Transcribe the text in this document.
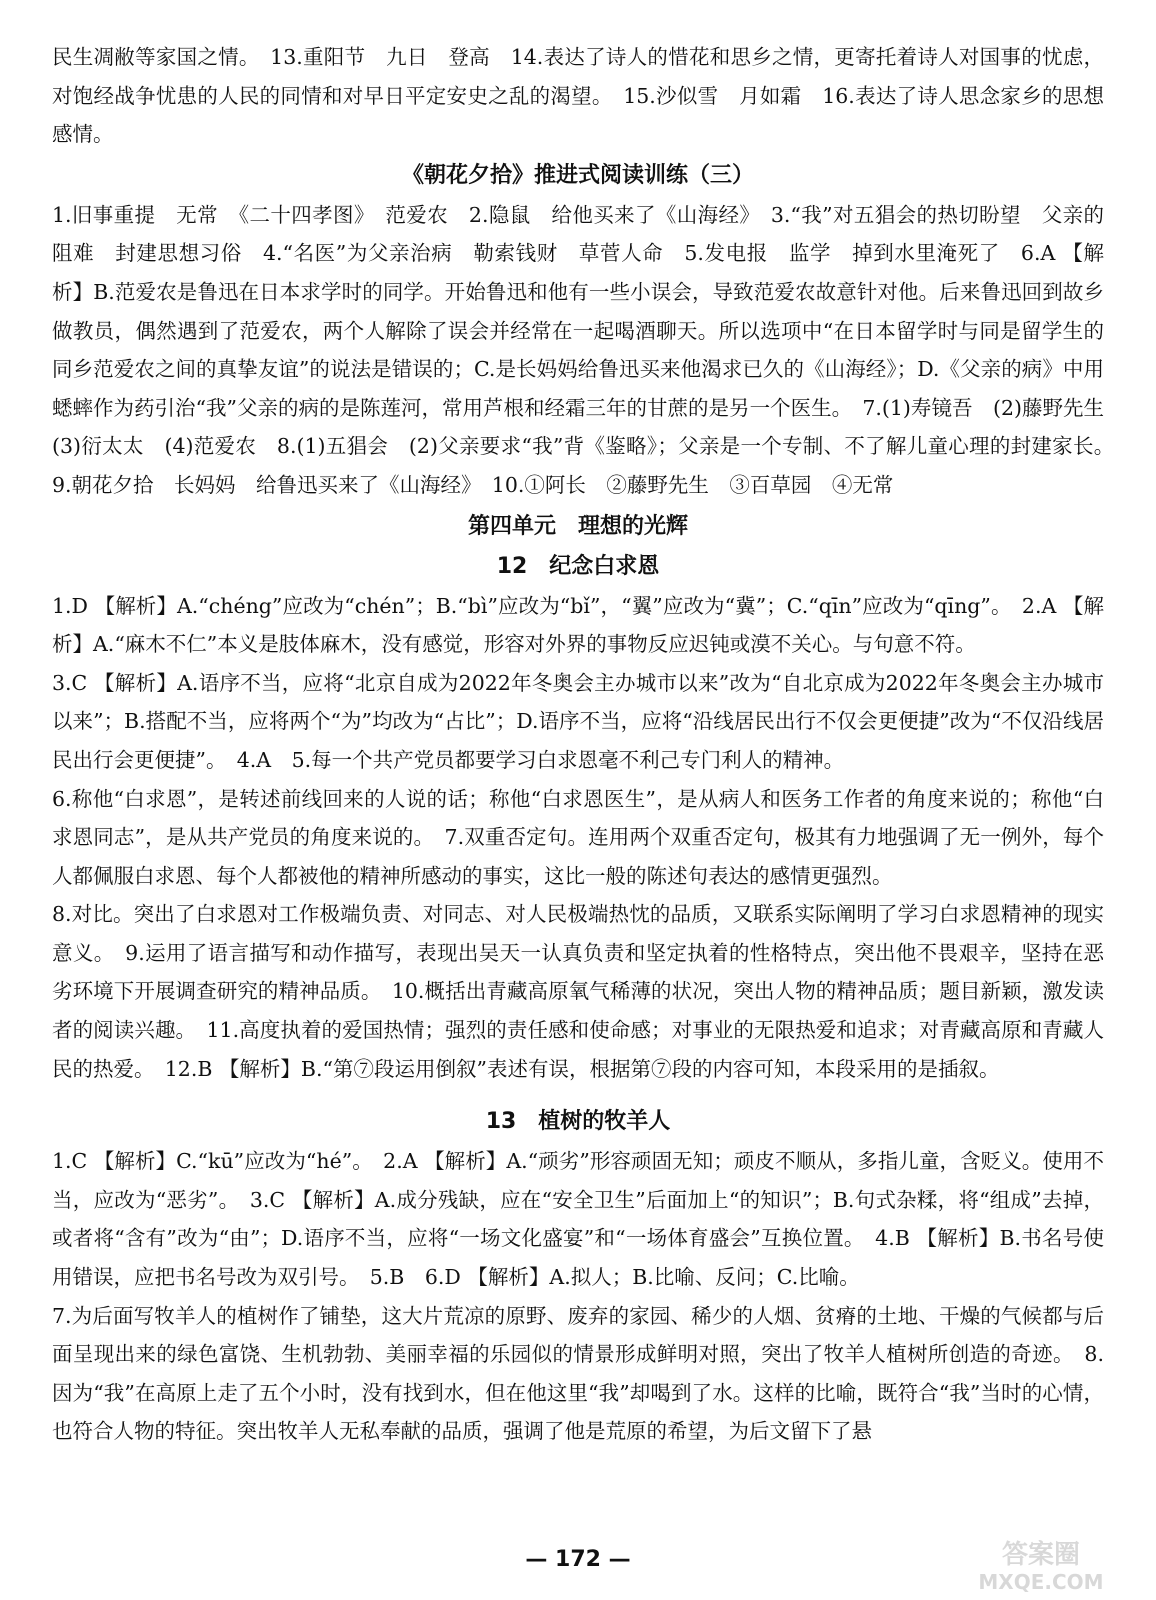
民生凋敝等家国之情。　13.重阳节　九日　登高　14.表达了诗人的惜花和思乡之情，更寄托着诗人对国事的忧虑，对饱经战争忧患的人民的同情和对早日平定安史之乱的渴望。　15.沙似雪　月如霜　16.表达了诗人思念家乡的思想感情。

《朝花夕拾》推进式阅读训练（三）

1.旧事重提　无常　《二十四孝图》　范爱农　2.隐鼠　给他买来了《山海经》　3.“我”对五猖会的热切盼望　父亲的阻难　封建思想习俗　4.“名医”为父亲治病　勒索钱财　草菅人命　5.发电报　监学　掉到水里淹死了　6.A 【解析】B.范爱农是鲁迅在日本求学时的同学。开始鲁迅和他有一些小误会，导致范爱农故意针对他。后来鲁迅回到故乡做教员，偶然遇到了范爱农，两个人解除了误会并经常在一起喝酒聊天。所以选项中“在日本留学时与同是留学生的同乡范爱农之间的真挚友谊”的说法是错误的；C.是长妈妈给鲁迅买来他渴求已久的《山海经》；D.《父亲的病》中用蟋蟀作为药引治“我”父亲的病的是陈莲河，常用芦根和经霜三年的甘蔗的是另一个医生。　7.(1)寿镜吾　(2)藤野先生　(3)衍太太　(4)范爱农　8.(1)五猖会　(2)父亲要求“我”背《鉴略》；父亲是一个专制、不了解儿童心理的封建家长。　9.朝花夕拾　长妈妈　给鲁迅买来了《山海经》　10.①阿长　②藤野先生　③百草园　④无常

第四单元　理想的光辉

12　纪念白求恩

1.D 【解析】A.“chéng”应改为“chén”；B.“bì”应改为“bǐ”，“翼”应改为“冀”；C.“qīn”应改为“qīng”。　2.A 【解析】A.“麻木不仁”本义是肢体麻木，没有感觉，形容对外界的事物反应迟钝或漠不关心。与句意不符。

3.C 【解析】A.语序不当，应将“北京自成为2022年冬奥会主办城市以来”改为“自北京成为2022年冬奥会主办城市以来”；B.搭配不当，应将两个“为”均改为“占比”；D.语序不当，应将“沿线居民出行不仅会更便捷”改为“不仅沿线居民出行会更便捷”。　4.A　5.每一个共产党员都要学习白求恩毫不利己专门利人的精神。

6.称他“白求恩”，是转述前线回来的人说的话；称他“白求恩医生”，是从病人和医务工作者的角度来说的；称他“白求恩同志”，是从共产党员的角度来说的。　7.双重否定句。连用两个双重否定句，极其有力地强调了无一例外，每个人都佩服白求恩、每个人都被他的精神所感动的事实，这比一般的陈述句表达的感情更强烈。

8.对比。突出了白求恩对工作极端负责、对同志、对人民极端热忱的品质，又联系实际阐明了学习白求恩精神的现实意义。　9.运用了语言描写和动作描写，表现出吴天一认真负责和坚定执着的性格特点，突出他不畏艰辛，坚持在恶劣环境下开展调查研究的精神品质。　10.概括出青藏高原氧气稀薄的状况，突出人物的精神品质；题目新颖，激发读者的阅读兴趣。　11.高度执着的爱国热情；强烈的责任感和使命感；对事业的无限热爱和追求；对青藏高原和青藏人民的热爱。　12.B 【解析】B.“第⑦段运用倒叙”表述有误，根据第⑦段的内容可知，本段采用的是插叙。

13　植树的牧羊人

1.C 【解析】C.“kū”应改为“hé”。　2.A 【解析】A.“顽劣”形容顽固无知；顽皮不顺从，多指儿童，含贬义。使用不当，应改为“恶劣”。　3.C 【解析】A.成分残缺，应在“安全卫生”后面加上“的知识”；B.句式杂糅，将“组成”去掉，或者将“含有”改为“由”；D.语序不当，应将“一场文化盛宴”和“一场体育盛会”互换位置。　4.B 【解析】B.书名号使用错误，应把书名号改为双引号。　5.B　6.D 【解析】A.拟人；B.比喻、反问；C.比喻。

7.为后面写牧羊人的植树作了铺垫，这大片荒凉的原野、废弃的家园、稀少的人烟、贫瘠的土地、干燥的气候都与后面呈现出来的绿色富饶、生机勃勃、美丽幸福的乐园似的情景形成鲜明对照，突出了牧羊人植树所创造的奇迹。　8.因为“我”在高原上走了五个小时，没有找到水，但在他这里“我”却喝到了水。这样的比喻，既符合“我”当时的心情，也符合人物的特征。突出牧羊人无私奉献的品质，强调了他是荒原的希望，为后文留下了悬

— 172 —	答案圈
MXQE.COM
